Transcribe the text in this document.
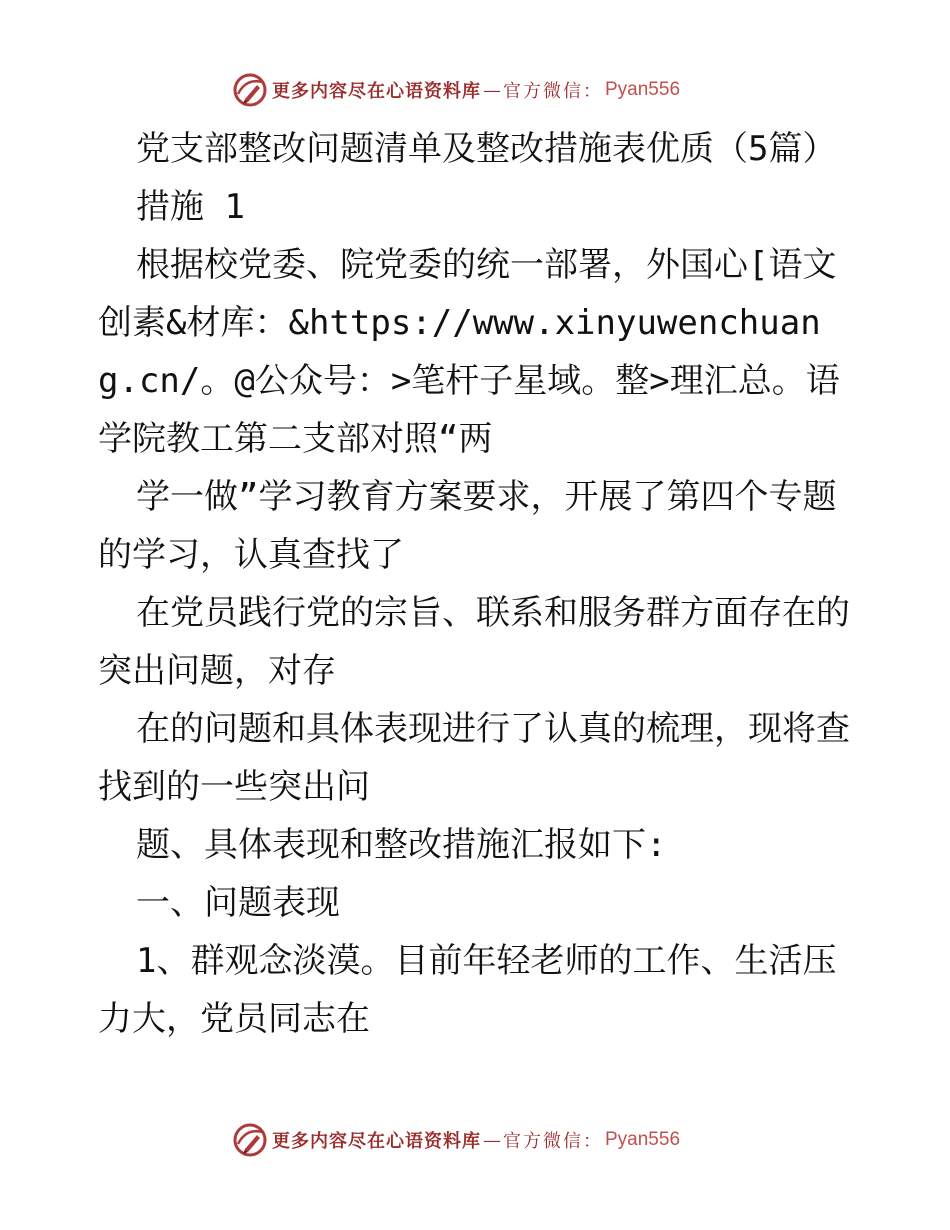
更多内容尽在心语资料库 — 官方微信： Pyan556

党支部整改问题清单及整改措施表优质（5篇）

措施 1

根据校党委、院党委的统一部署，外国心[语文创素&材库：&https://www.xinyuwenchuang.cn/。@公众号：>笔杆子星域。整>理汇总。语学院教工第二支部对照“两

学一做”学习教育方案要求，开展了第四个专题的学习，认真查找了

在党员践行党的宗旨、联系和服务群方面存在的突出问题，对存

在的问题和具体表现进行了认真的梳理，现将查找到的一些突出问

题、具体表现和整改措施汇报如下:

一、问题表现

1、群观念淡漠。目前年轻老师的工作、生活压力大，党员同志在

更多内容尽在心语资料库 — 官方微信： Pyan556
